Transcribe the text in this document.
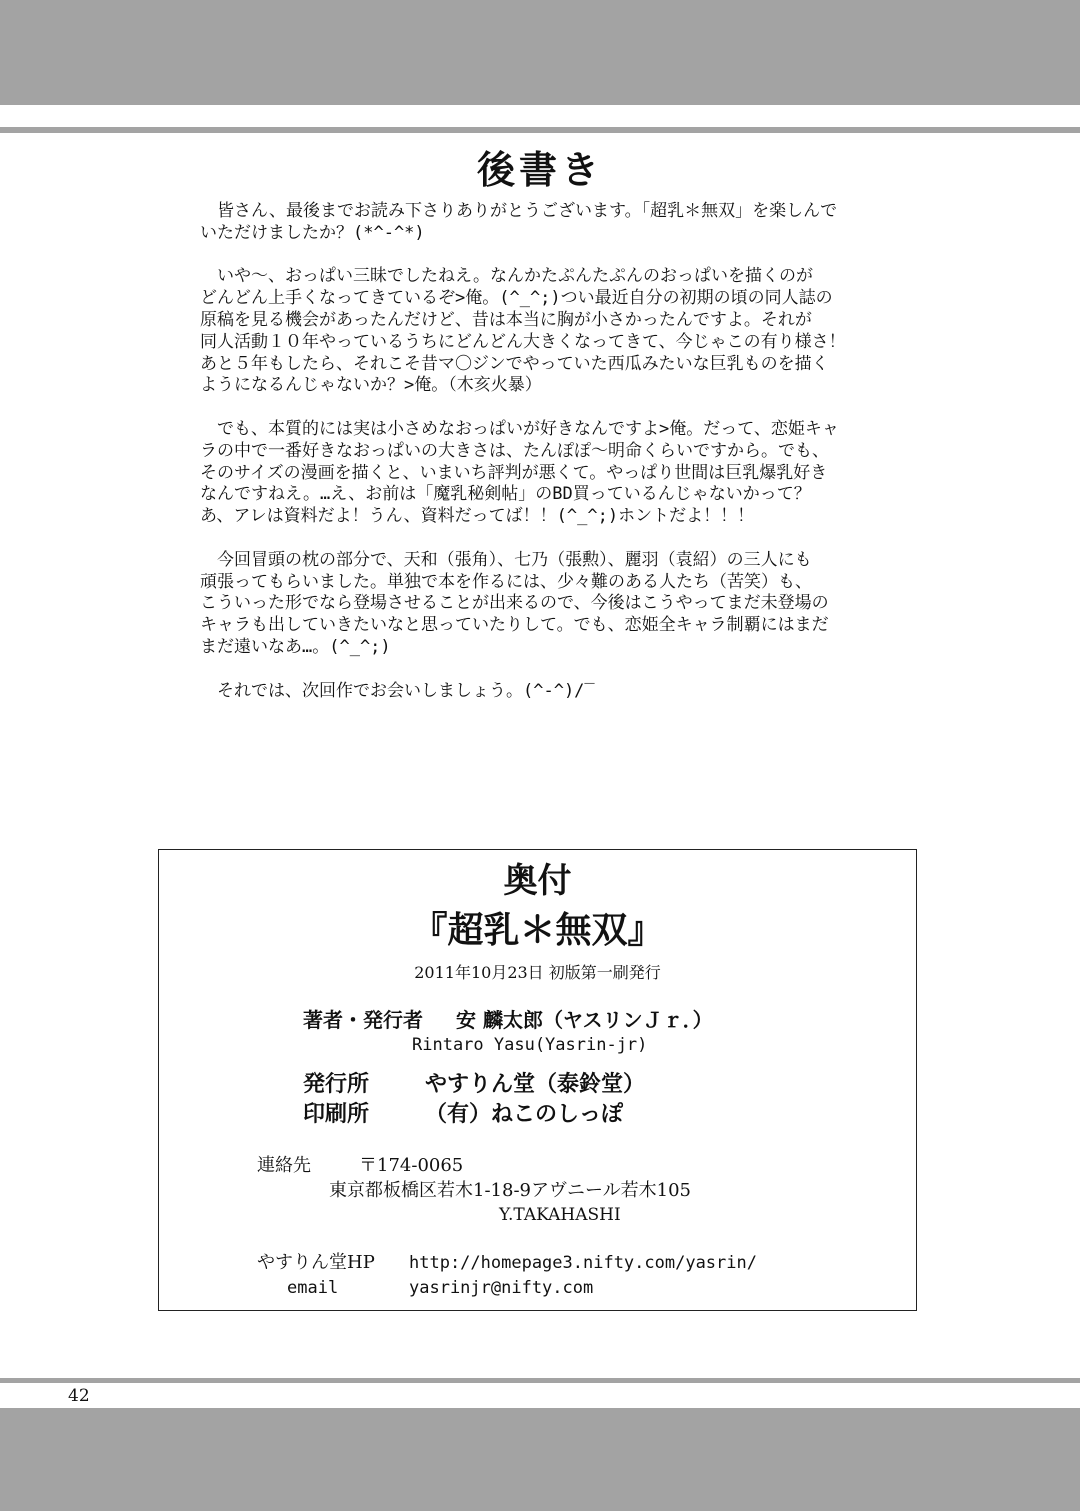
後書き

　皆さん、最後までお読み下さりありがとうございます。「超乳＊無双」を楽しんで
いただけましたか？(*^-^*)

　いや～、おっぱい三昧でしたねえ。なんかたぷんたぷんのおっぱいを描くのが
どんどん上手くなってきているぞ>俺。(^_^;)つい最近自分の初期の頃の同人誌の
原稿を見る機会があったんだけど、昔は本当に胸が小さかったんですよ。それが
同人活動１０年やっているうちにどんどん大きくなってきて、今じゃこの有り様さ！
あと５年もしたら、それこそ昔マ〇ジンでやっていた西瓜みたいな巨乳ものを描く
ようになるんじゃないか？>俺。（木亥火暴）

　でも、本質的には実は小さめなおっぱいが好きなんですよ>俺。だって、恋姫キャ
ラの中で一番好きなおっぱいの大きさは、たんぽぽ～明命くらいですから。でも、
そのサイズの漫画を描くと、いまいち評判が悪くて。やっぱり世間は巨乳爆乳好き
なんですねえ。…え、お前は「魔乳秘剣帖」のBD買っているんじゃないかって？
あ、アレは資料だよ！うん、資料だってば！！(^_^;)ホントだよ！！！

　今回冒頭の枕の部分で、天和（張角）、七乃（張勲）、麗羽（袁紹）の三人にも
頑張ってもらいました。単独で本を作るには、少々難のある人たち（苦笑）も、
こういった形でなら登場させることが出来るので、今後はこうやってまだ未登場の
キャラも出していきたいなと思っていたりして。でも、恋姫全キャラ制覇にはまだ
まだ遠いなあ…。(^_^;)

　それでは、次回作でお会いしましょう。(^-^)/̅

奥付
『超乳＊無双』
2011年10月23日 初版第一刷発行
著者・発行者 安 麟太郎（ヤスリンＪｒ．）
Rintaro Yasu(Yasrin-jr)
発行所	やすりん堂（泰鈴堂）
印刷所	（有）ねこのしっぽ
連絡先	〒174-0065
東京都板橋区若木1-18-9アヴニール若木105
Y.TAKAHASHI
やすりん堂HP http://homepage3.nifty.com/yasrin/
email	yasrinjr@nifty.com
42
